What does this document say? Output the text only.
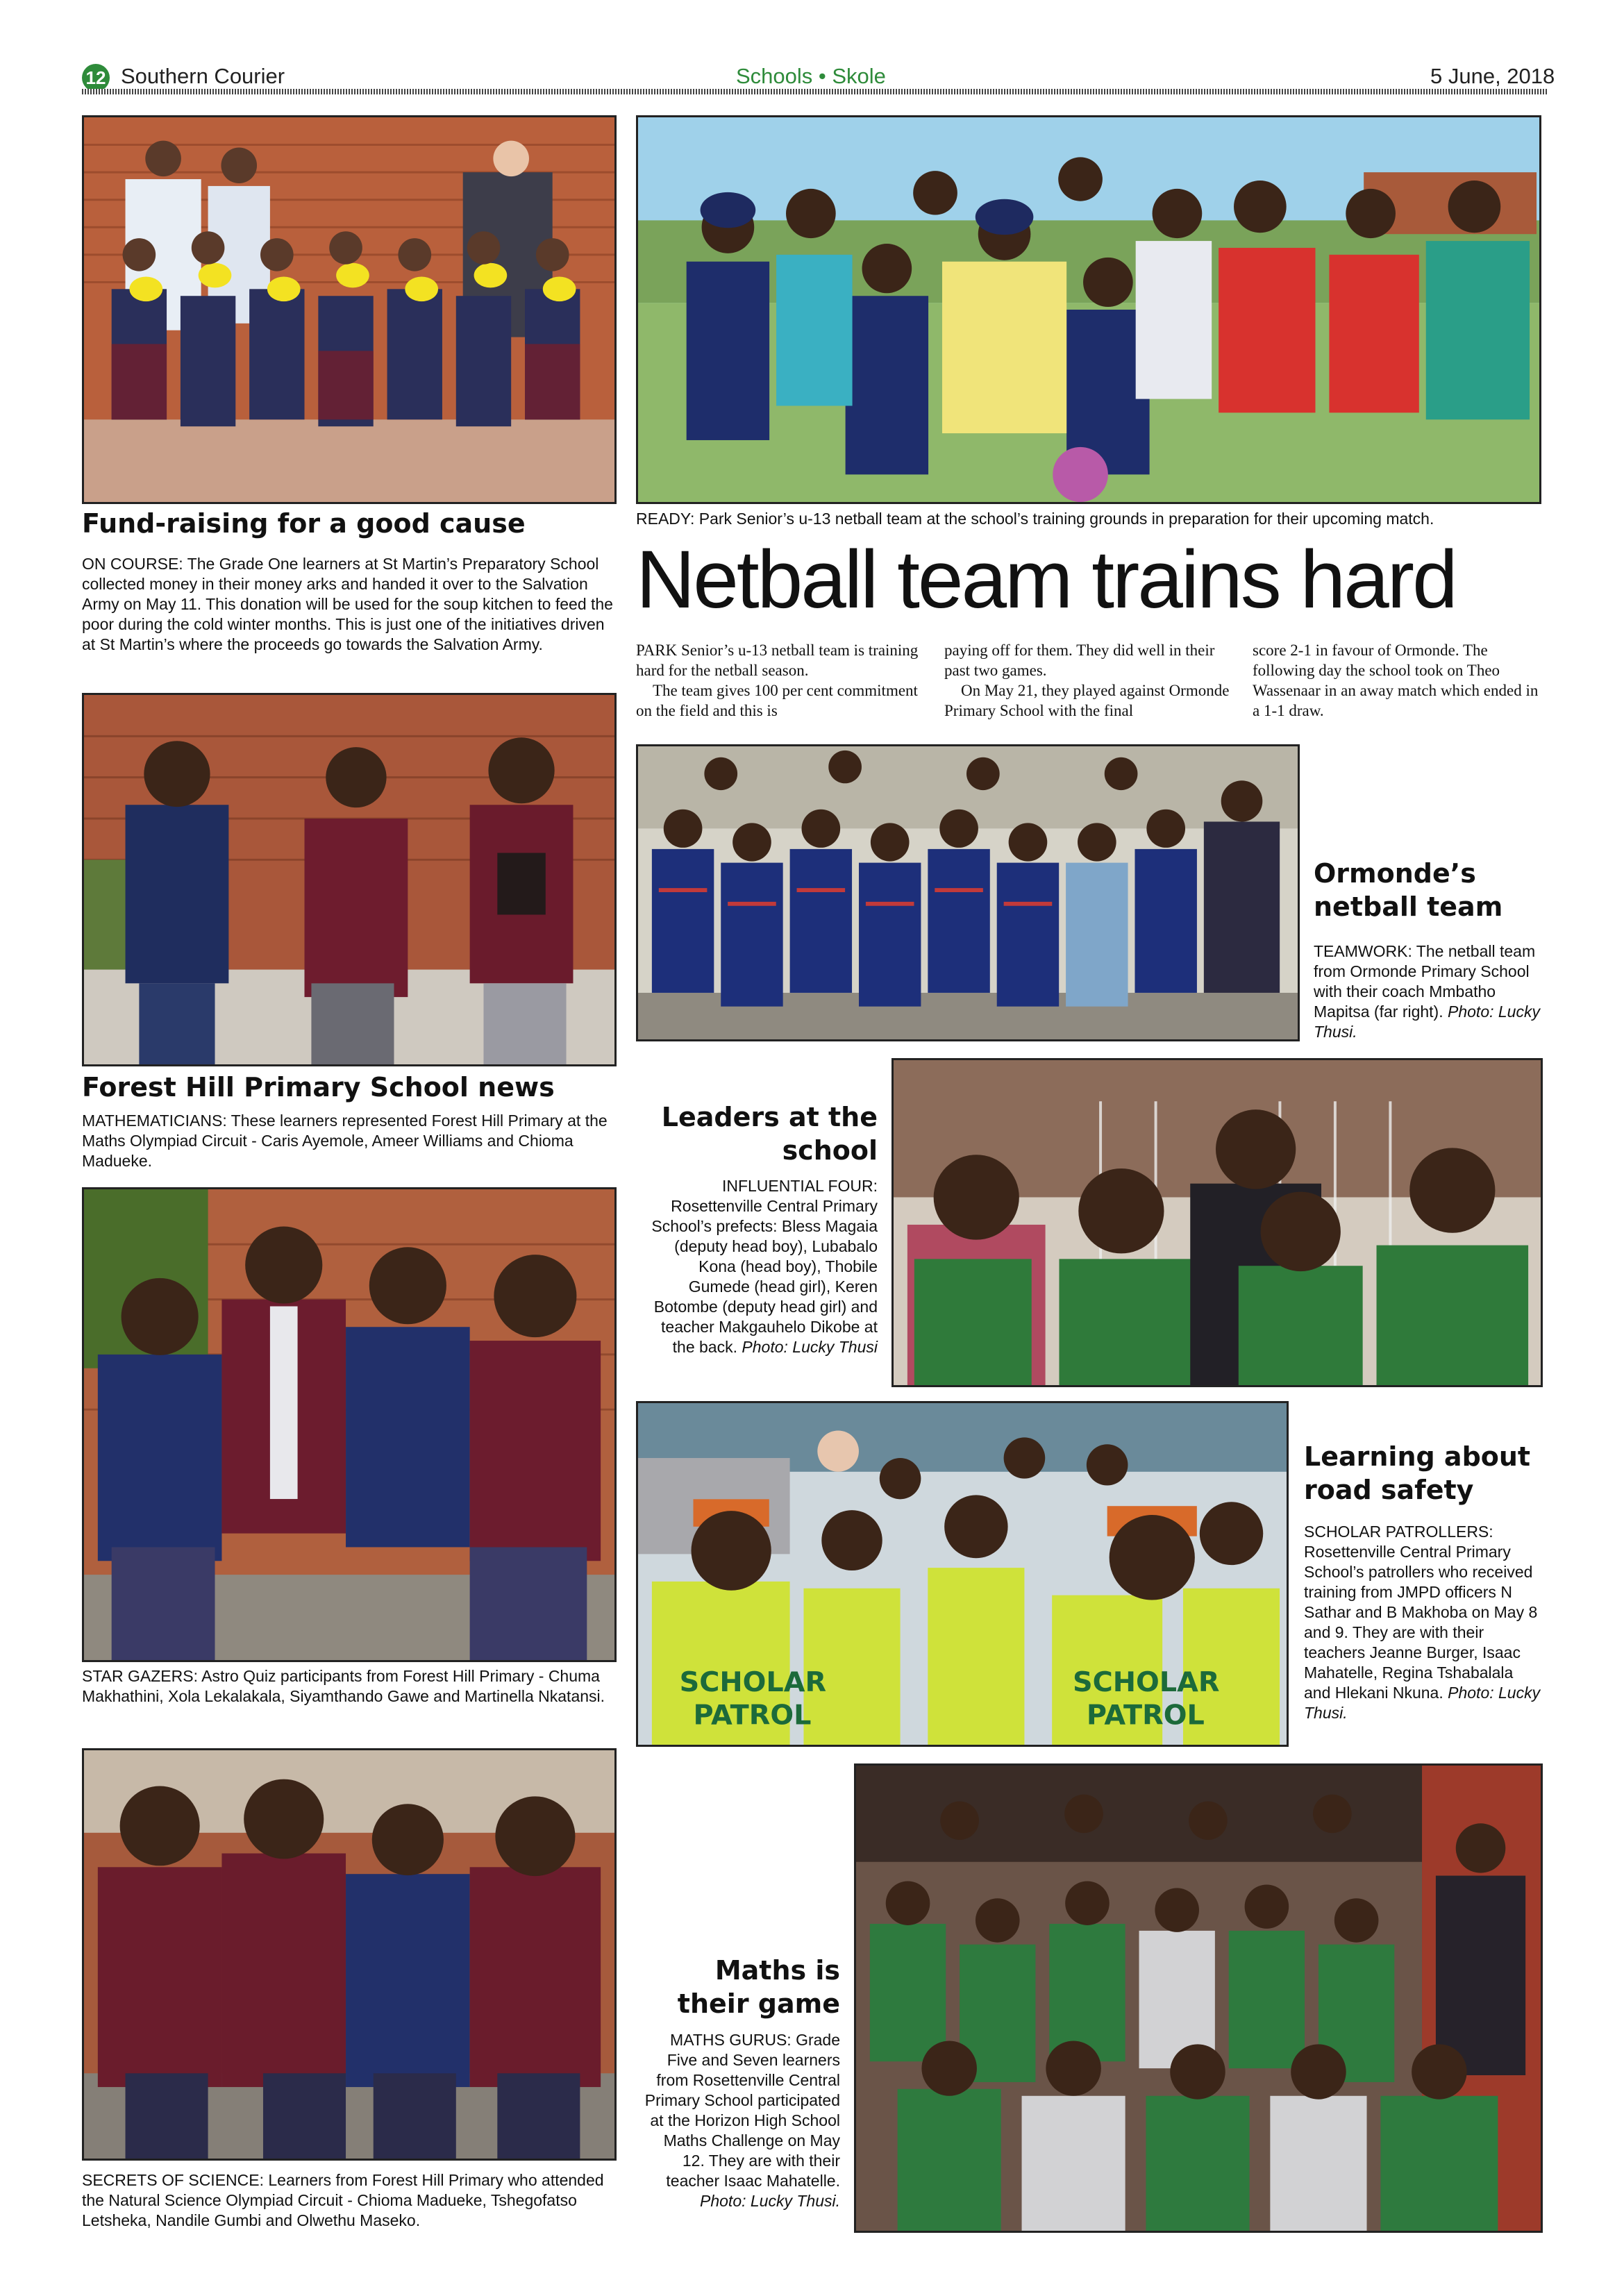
12 Southern Courier	Schools • Skole	5 June, 2018
Fund-raising for a good cause
ON COURSE: The Grade One learners at St Martin’s Preparatory School collected money in their money arks and handed it over to the Salvation Army on May 11. This donation will be used for the soup kitchen to feed the poor during the cold winter months. This is just one of the initiatives driven at St Martin’s where the proceeds go towards the Salvation Army.
READY: Park Senior’s u-13 netball team at the school’s training grounds in preparation for their upcoming match.
Netball team trains hard
PARK Senior’s u-13 netball team is training hard for the netball season.
The team gives 100 per cent commitment on the field and this is
paying off for them. They did well in their past two games.
On May 21, they played against Ormonde Primary School with the final
score 2-1 in favour of Ormonde. The following day the school took on Theo Wassenaar in an away match which ended in a 1-1 draw.
Forest Hill Primary School news
MATHEMATICIANS: These learners represented Forest Hill Primary at the Maths Olympiad Circuit - Caris Ayemole, Ameer Williams and Chioma Madueke.
Ormonde’s
netball team
TEAMWORK: The netball team from Ormonde Primary School with their coach Mmbatho Mapitsa (far right). Photo: Lucky Thusi.
Leaders at the
school
INFLUENTIAL FOUR: Rosettenville Central Primary School’s prefects: Bless Magaia (deputy head boy), Lubabalo Kona (head boy), Thobile Gumede (head girl), Keren Botombe (deputy head girl) and teacher Makgauhelo Dikobe at the back. Photo: Lucky Thusi
STAR GAZERS: Astro Quiz participants from Forest Hill Primary - Chuma Makhathini, Xola Lekalakala, Siyamthando Gawe and Martinella Nkatansi.	SCHOLAR
PATROL
SCHOLAR
PATROL
Learning about
road safety
SCHOLAR PATROLLERS: Rosettenville Central Primary School’s patrollers who received training from JMPD officers N Sathar and B Makhoba on May 8 and 9. They are with their teachers Jeanne Burger, Isaac Mahatelle, Regina Tshabalala and Hlekani Nkuna. Photo: Lucky Thusi.
SECRETS OF SCIENCE: Learners from Forest Hill Primary who attended the Natural Science Olympiad Circuit - Chioma Madueke, Tshegofatso Letsheka, Nandile Gumbi and Olwethu Maseko.
Maths is
their game
MATHS GURUS: Grade Five and Seven learners from Rosettenville Central Primary School participated at the Horizon High School Maths Challenge on May 12. They are with their teacher Isaac Mahatelle. Photo: Lucky Thusi.
